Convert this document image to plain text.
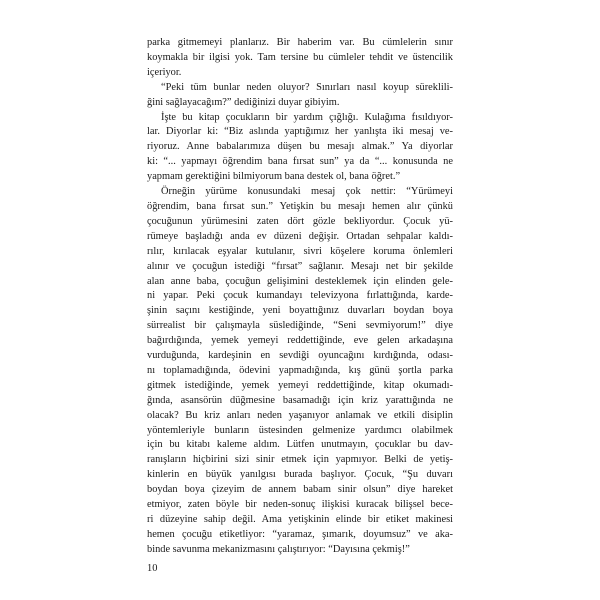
parka gitmemeyi planlarız. Bir haberim var. Bu cümlelerin sınır
koymakla bir ilgisi yok. Tam tersine bu cümleler tehdit ve üstencilik
içeriyor.
“Peki tüm bunlar neden oluyor? Sınırları nasıl koyup süreklili-
ğini sağlayacağım?” dediğinizi duyar gibiyim.
İşte bu kitap çocukların bir yardım çığlığı. Kulağıma fısıldıyor-
lar. Diyorlar ki: “Biz aslında yaptığımız her yanlışta iki mesaj ve-
riyoruz. Anne babalarımıza düşen bu mesajı almak.” Ya diyorlar
ki: “... yapmayı öğrendim bana fırsat sun” ya da “... konusunda ne
yapmam gerektiğini bilmiyorum bana destek ol, bana öğret.”
Örneğin yürüme konusundaki mesaj çok nettir: “Yürümeyi
öğrendim, bana fırsat sun.” Yetişkin bu mesajı hemen alır çünkü
çocuğunun yürümesini zaten dört gözle bekliyordur. Çocuk yü-
rümeye başladığı anda ev düzeni değişir. Ortadan sehpalar kaldı-
rılır, kırılacak eşyalar kutulanır, sivri köşelere koruma önlemleri
alınır ve çocuğun istediği “fırsat” sağlanır. Mesajı net bir şekilde
alan anne baba, çocuğun gelişimini desteklemek için elinden gele-
ni yapar. Peki çocuk kumandayı televizyona fırlattığında, karde-
şinin saçını kestiğinde, yeni boyattığınız duvarları boydan boya
sürrealist bir çalışmayla süslediğinde, “Seni sevmiyorum!” diye
bağırdığında, yemek yemeyi reddettiğinde, eve gelen arkadaşına
vurduğunda, kardeşinin en sevdiği oyuncağını kırdığında, odası-
nı toplamadığında, ödevini yapmadığında, kış günü şortla parka
gitmek istediğinde, yemek yemeyi reddettiğinde, kitap okumadı-
ğında, asansörün düğmesine basamadığı için kriz yarattığında ne
olacak? Bu kriz anları neden yaşanıyor anlamak ve etkili disiplin
yöntemleriyle bunların üstesinden gelmenize yardımcı olabilmek
için bu kitabı kaleme aldım. Lütfen unutmayın, çocuklar bu dav-
ranışların hiçbirini sizi sinir etmek için yapmıyor. Belki de yetiş-
kinlerin en büyük yanılgısı burada başlıyor. Çocuk, “Şu duvarı
boydan boya çizeyim de annem babam sinir olsun” diye hareket
etmiyor, zaten böyle bir neden-sonuç ilişkisi kuracak bilişsel bece-
ri düzeyine sahip değil. Ama yetişkinin elinde bir etiket makinesi
hemen çocuğu etiketliyor: “yaramaz, şımarık, doyumsuz” ve aka-
binde savunma mekanizmasını çalıştırıyor: “Dayısına çekmiş!”
10
